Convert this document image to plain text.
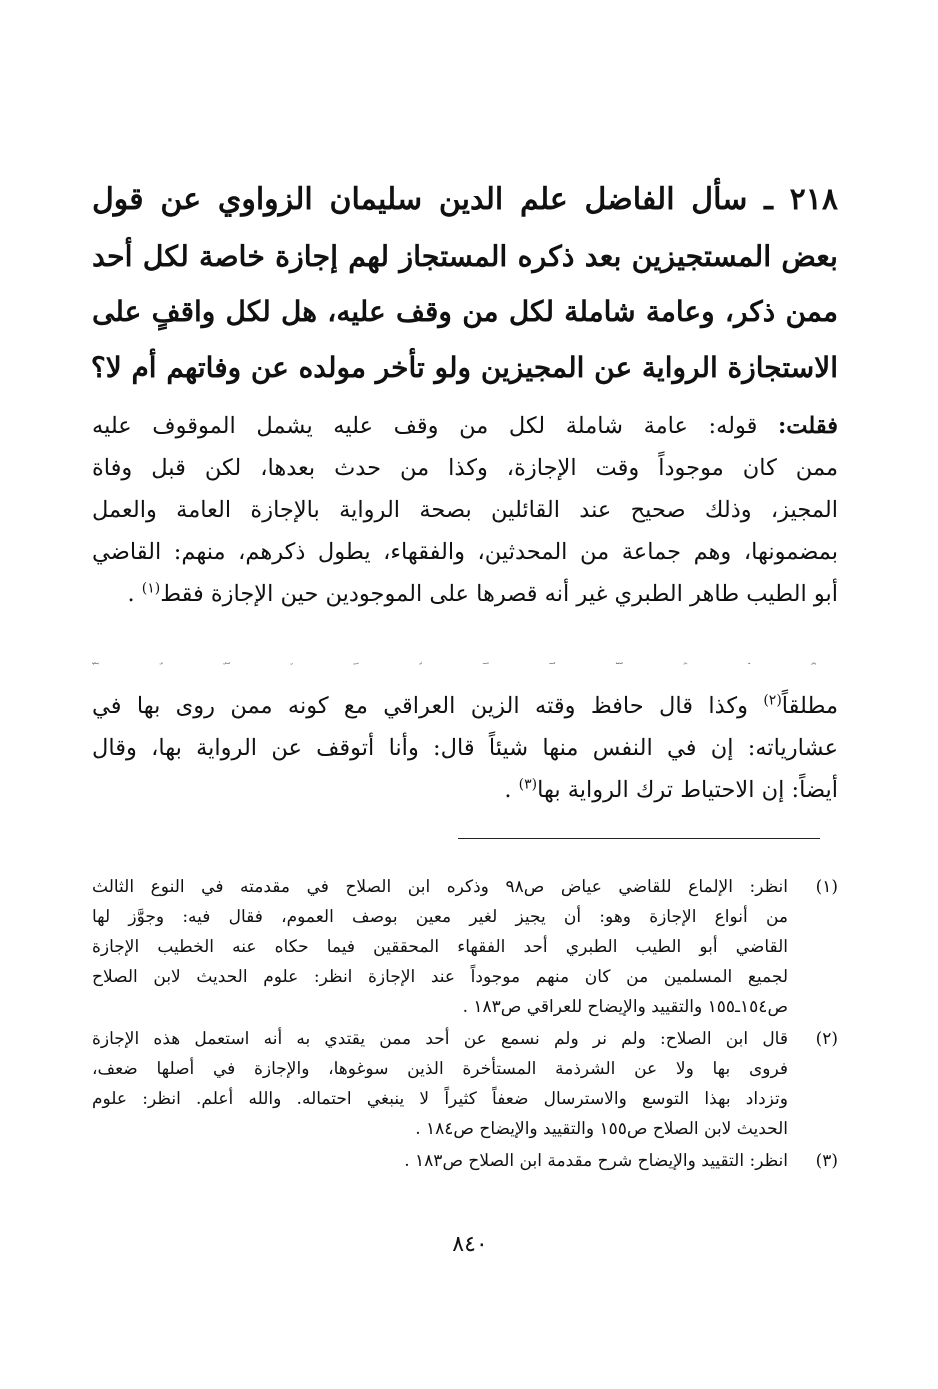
٢١٨ ـ سأل الفاضل علم الدين سليمان الزواوي عن قول
بعض المستجيزين بعد ذكره المستجاز لهم إجازة خاصة لكل أحد
ممن ذكر، وعامة شاملة لكل من وقف عليه، هل لكل واقفٍ على
الاستجازة الرواية عن المجيزين ولو تأخر مولده عن وفاتهم أم لا؟
فقلت: قوله: عامة شاملة لكل من وقف عليه يشمل الموقوف عليه
ممن كان موجوداً وقت الإجازة، وكذا من حدث بعدها، لكن قبل وفاة
المجيز، وذلك صحيح عند القائلين بصحة الرواية بالإجازة العامة والعمل
بمضمونها، وهم جماعة من المحدثين، والفقهاء، يطول ذكرهم، منهم: القاضي
أبو الطيب طاهر الطبري غير أنه قصرها على الموجودين حين الإجازة فقط$^{(١)}$ .
ولكن قد مال الحافظ الفقيه الحجة أبو عمرو بن الصلاح إلى إبطالها
مطلقاً$^{(٢)}$ وكذا قال حافظ وقته الزين العراقي مع كونه ممن روى بها في
عشارياته: إن في النفس منها شيئاً قال: وأنا أتوقف عن الرواية بها، وقال
أيضاً: إن الاحتياط ترك الرواية بها$^{(٣)}$ .
(١)
انظر: الإلماع للقاضي عياض ص٩٨ وذكره ابن الصلاح في مقدمته في النوع الثالث
من أنواع الإجازة وهو: أن يجيز لغير معين بوصف العموم، فقال فيه: وجوَّز لها
القاضي أبو الطيب الطبري أحد الفقهاء المحققين فيما حكاه عنه الخطيب الإجازة
لجميع المسلمين من كان منهم موجوداً عند الإجازة انظر: علوم الحديث لابن الصلاح
ص١٥٤ـ١٥٥ والتقييد والإيضاح للعراقي ص١٨٣ .
(٢)
قال ابن الصلاح: ولم نر ولم نسمع عن أحد ممن يقتدي به أنه استعمل هذه الإجازة
فروى بها ولا عن الشرذمة المستأخرة الذين سوغوها، والإجازة في أصلها ضعف،
وتزداد بهذا التوسع والاسترسال ضعفاً كثيراً لا ينبغي احتماله. والله أعلم. انظر: علوم
الحديث لابن الصلاح ص١٥٥ والتقييد والإيضاح ص١٨٤ .
(٣)
انظر: التقييد والإيضاح شرح مقدمة ابن الصلاح ص١٨٣ .
٨٤٠
